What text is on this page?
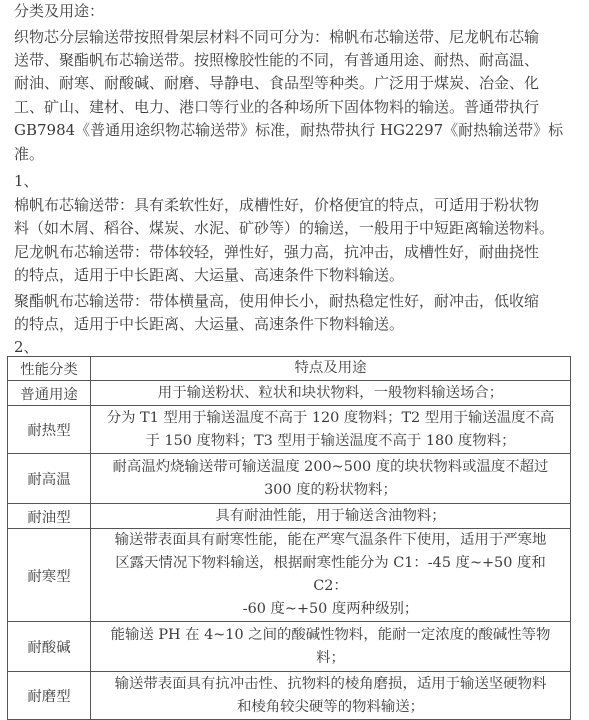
分类及用途：
织物芯分层输送带按照骨架层材料不同可分为：棉帆布芯输送带、尼龙帆布芯输
送带、聚酯帆布芯输送带。按照橡胶性能的不同，有普通用途、耐热、耐高温、
耐油、耐寒、耐酸碱、耐磨、导静电、食品型等种类。广泛用于煤炭、冶金、化
工、矿山、建材、电力、港口等行业的各种场所下固体物料的输送。普通带执行
GB7984《普通用途织物芯输送带》标准，耐热带执行 HG2297《耐热输送带》标
准。
1、
棉帆布芯输送带：具有柔软性好，成槽性好，价格便宜的特点，可适用于粉状物
料（如木屑、稻谷、煤炭、水泥、矿砂等）的输送，一般用于中短距离输送物料。
尼龙帆布芯输送带：带体较轻，弹性好，强力高，抗冲击，成槽性好，耐曲挠性
的特点，适用于中长距离、大运量、高速条件下物料输送。
聚酯帆布芯输送带：带体横量高，使用伸长小，耐热稳定性好，耐冲击，低收缩
的特点，适用于中长距离、大运量、高速条件下物料输送。
2、
性能分类	特点及用途
普通用途	用于输送粉状、粒状和块状物料，一般物料输送场合；

耐热型	分为 T1 型用于输送温度不高于 120 度物料；T2 型用于输送温度不高
于 150 度物料；T3 型用于输送温度不高于 180 度物料；

耐高温	耐高温灼烧输送带可输送温度 200~500 度的块状物料或温度不超过
300 度的粉状物料；

耐油型	具有耐油性能，用于输送含油物料；

耐寒型	输送带表面具有耐寒性能，能在严寒气温条件下使用，适用于严寒地
区露天情况下物料输送，根据耐寒性能分为 C1：-45 度~+50 度和 C2：
-60 度~+50 度两种级别；

耐酸碱	能输送 PH 在 4~10 之间的酸碱性物料，能耐一定浓度的酸碱性等物
料；

耐磨型	输送带表面具有抗冲击性、抗物料的棱角磨损，适用于输送坚硬物料
和棱角较尖硬等的物料输送；
